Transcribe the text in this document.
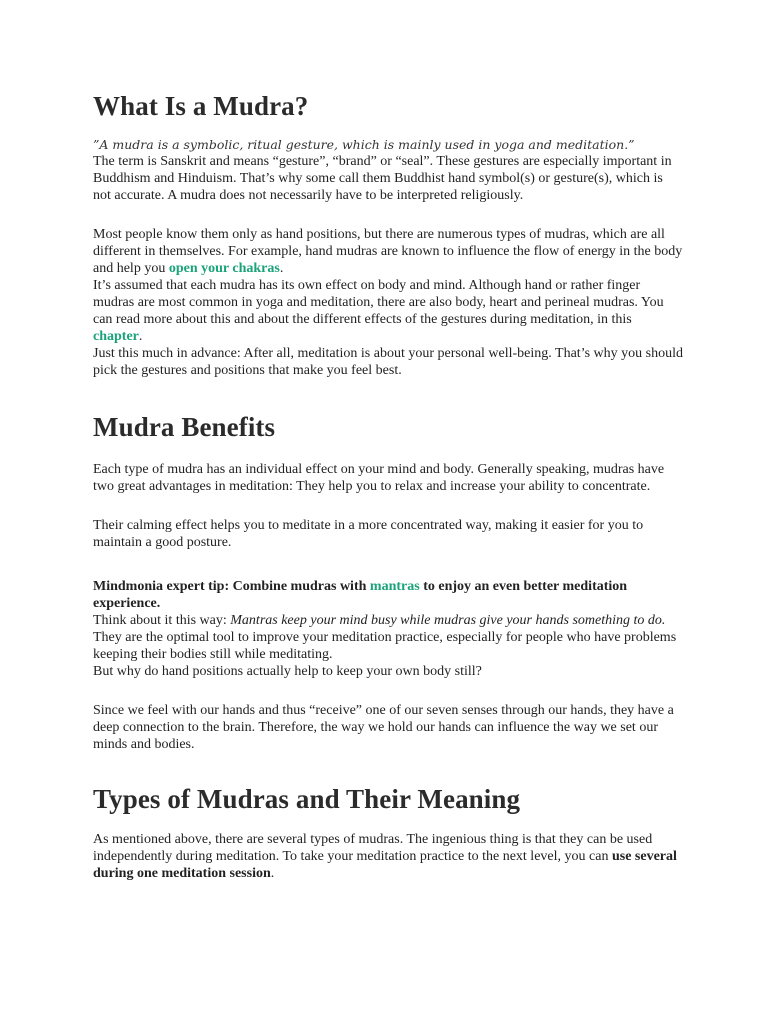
What Is a Mudra?

”A mudra is a symbolic, ritual gesture, which is mainly used in yoga and meditation.”

The term is Sanskrit and means “gesture”, “brand” or “seal”. These gestures are especially important in Buddhism and Hinduism. That’s why some call them Buddhist hand symbol(s) or gesture(s), which is not accurate. A mudra does not necessarily have to be interpreted religiously.

Most people know them only as hand positions, but there are numerous types of mudras, which are all different in themselves. For example, hand mudras are known to influence the flow of energy in the body and help you open your chakras.

It’s assumed that each mudra has its own effect on body and mind. Although hand or rather finger mudras are most common in yoga and meditation, there are also body, heart and perineal mudras. You can read more about this and about the different effects of the gestures during meditation, in this chapter.

Just this much in advance: After all, meditation is about your personal well-being. That’s why you should pick the gestures and positions that make you feel best.

Mudra Benefits

Each type of mudra has an individual effect on your mind and body. Generally speaking, mudras have two great advantages in meditation: They help you to relax and increase your ability to concentrate.

Their calming effect helps you to meditate in a more concentrated way, making it easier for you to maintain a good posture.

Mindmonia expert tip: Combine mudras with mantras to enjoy an even better meditation experience.

Think about it this way: Mantras keep your mind busy while mudras give your hands something to do. They are the optimal tool to improve your meditation practice, especially for people who have problems keeping their bodies still while meditating.

But why do hand positions actually help to keep your own body still?

Since we feel with our hands and thus “receive” one of our seven senses through our hands, they have a deep connection to the brain. Therefore, the way we hold our hands can influence the way we set our minds and bodies.

Types of Mudras and Their Meaning

As mentioned above, there are several types of mudras. The ingenious thing is that they can be used independently during meditation. To take your meditation practice to the next level, you can use several during one meditation session.
